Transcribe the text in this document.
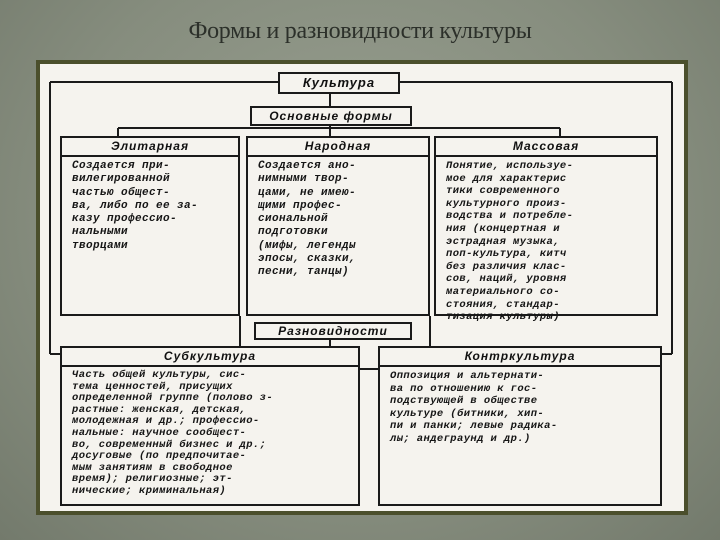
Формы и разновидности культуры
Культура
Основные формы
Элитарная
Создается при-
вилегированной
частью общест-
ва, либо по ее за-
казу профессио-
нальными
творцами
Народная
Создается ано-
нимными твор-
цами, не имею-
щими профес-
сиональной
подготовки
(мифы, легенды
эпосы, сказки,
песни, танцы)
Массовая
Понятие, используе-
мое для характерис
тики современного
культурного произ-
водства и потребле-
ния (концертная и
эстрадная музыка,
поп-культура, китч
без различия клас-
сов, наций, уровня
материального со-
стояния, стандар-
тизация культуры)
Разновидности
Субкультура
Часть общей культуры, сис-
тема ценностей, присущих
определенной группе (полово з-
растные: женская, детская,
молодежная и др.; профессио-
нальные: научное сообщест-
во, современный бизнес и др.;
досуговые (по предпочитае-
мым занятиям в свободное
время); религиозные; эт-
нические; криминальная)
Контркультура
Оппозиция и альтернати-
ва по отношению к гос-
подствующей в обществе
культуре (битники, хип-
пи и панки; левые радика-
лы; андеграунд и др.)
